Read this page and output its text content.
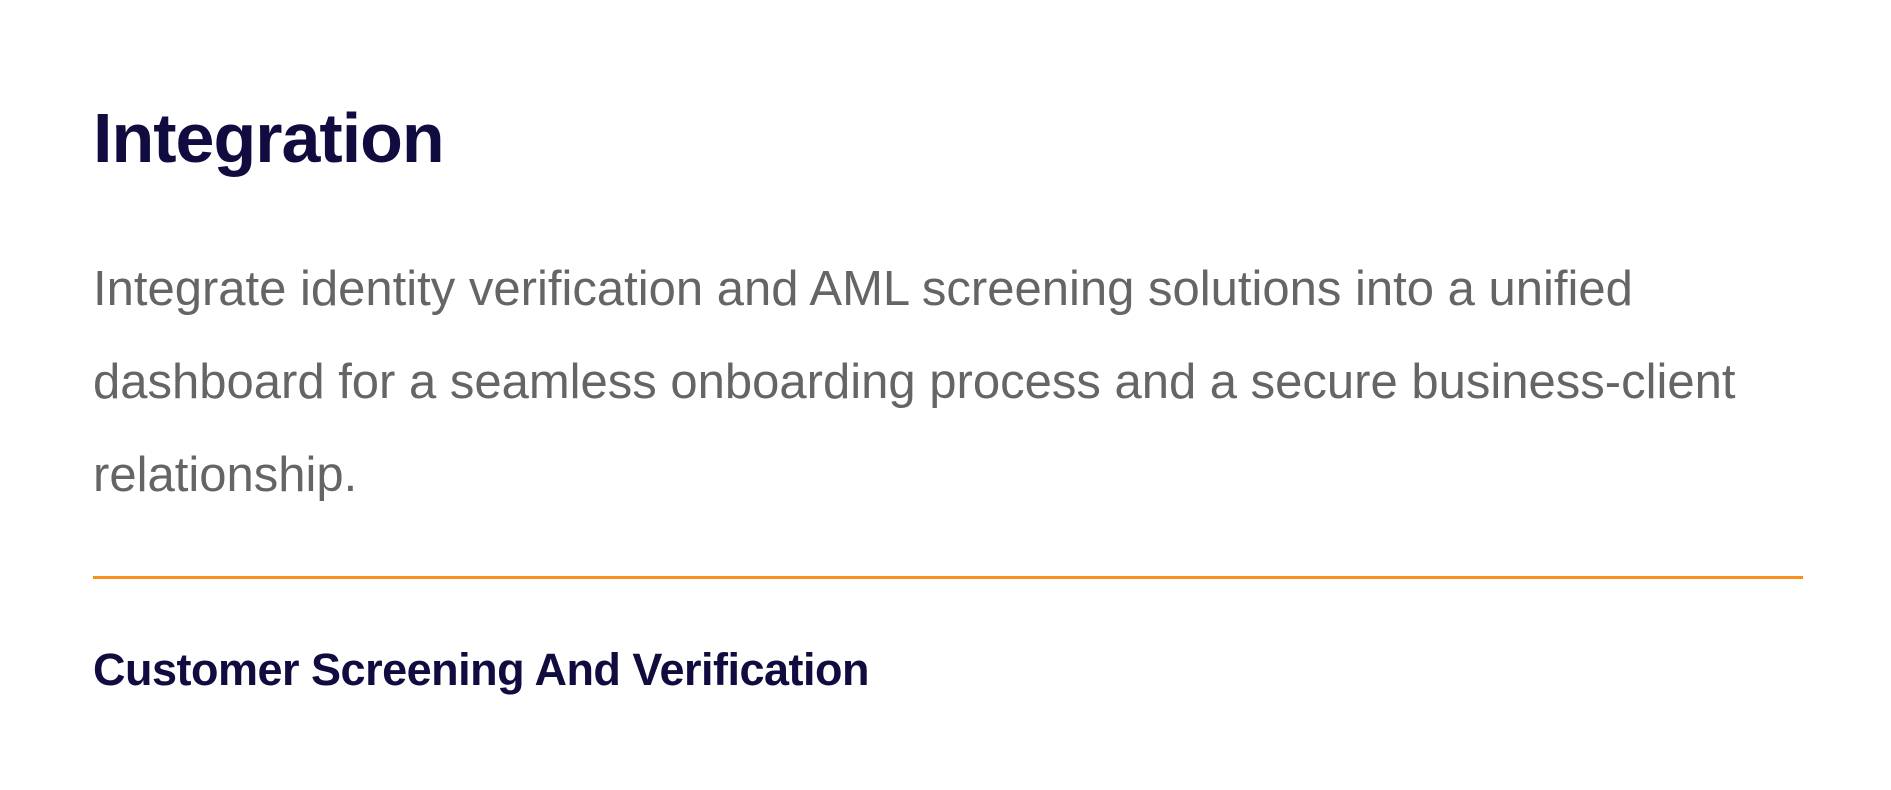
Integration

Integrate identity verification and AML screening solutions into a unified dashboard for a seamless onboarding process and a secure business-client relationship.

Customer Screening And Verification
